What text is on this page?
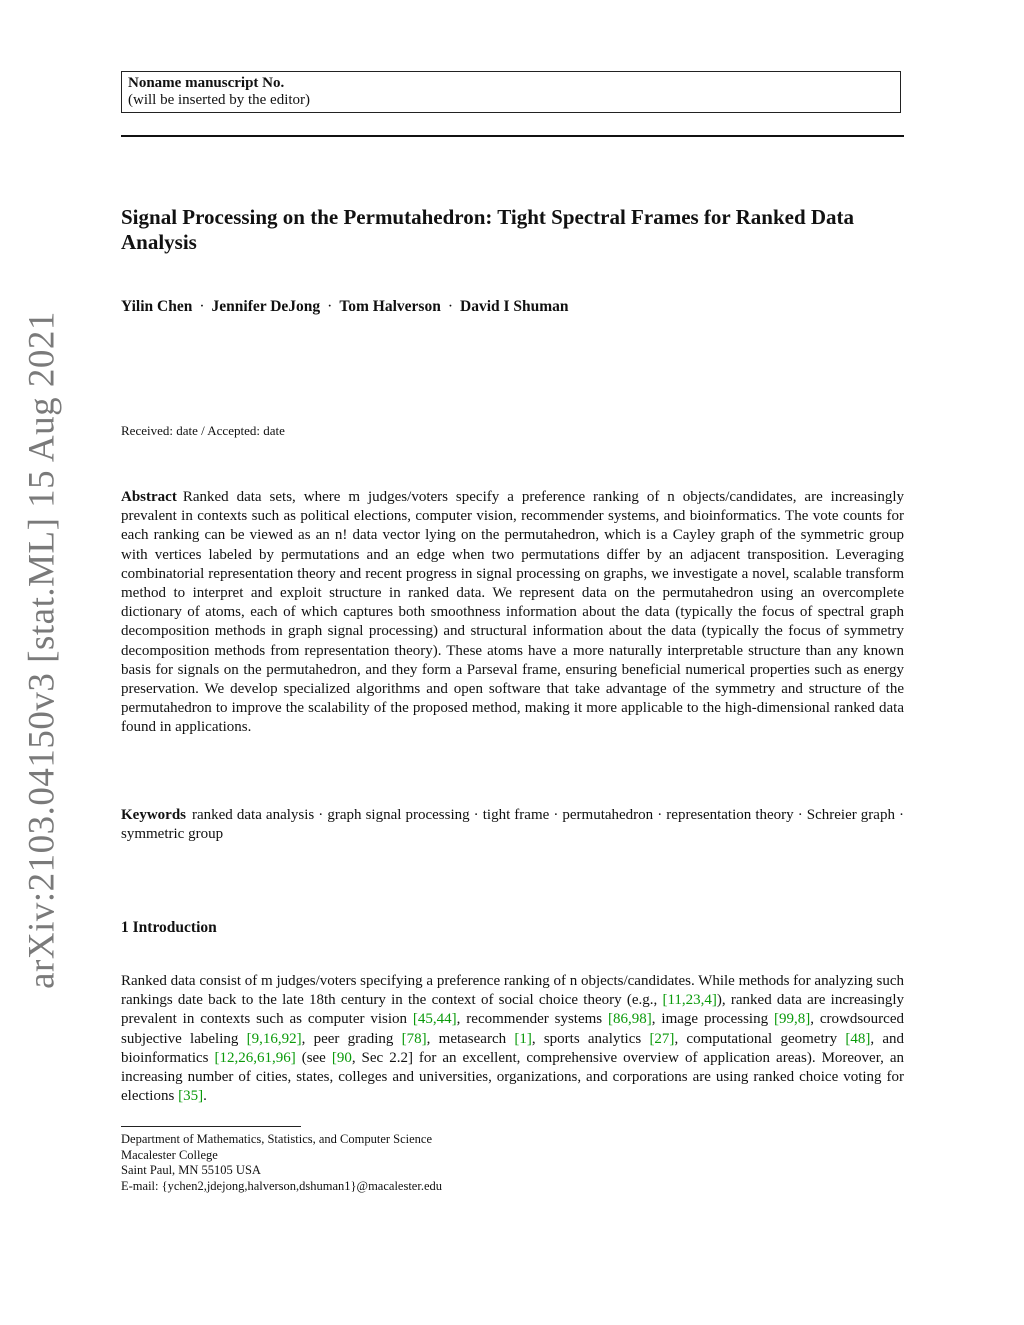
arXiv:2103.04150v3 [stat.ML] 15 Aug 2021
Noname manuscript No.
(will be inserted by the editor)
Signal Processing on the Permutahedron: Tight Spectral Frames for Ranked Data Analysis
Yilin Chen · Jennifer DeJong · Tom Halverson · David I Shuman
Received: date / Accepted: date
Abstract Ranked data sets, where m judges/voters specify a preference ranking of n objects/candidates, are increasingly prevalent in contexts such as political elections, computer vision, recommender systems, and bioinformatics. The vote counts for each ranking can be viewed as an n! data vector lying on the permutahedron, which is a Cayley graph of the symmetric group with vertices labeled by permutations and an edge when two permutations differ by an adjacent transposition. Leveraging combinatorial representation theory and recent progress in signal processing on graphs, we investigate a novel, scalable transform method to interpret and exploit structure in ranked data. We represent data on the permutahedron using an overcomplete dictionary of atoms, each of which captures both smoothness information about the data (typically the focus of spectral graph decomposition methods in graph signal processing) and structural information about the data (typically the focus of symmetry decomposition methods from representation theory). These atoms have a more naturally interpretable structure than any known basis for signals on the permutahedron, and they form a Parseval frame, ensuring beneficial numerical properties such as energy preservation. We develop specialized algorithms and open software that take advantage of the symmetry and structure of the permutahedron to improve the scalability of the proposed method, making it more applicable to the high-dimensional ranked data found in applications.
Keywords ranked data analysis · graph signal processing · tight frame · permutahedron · representation theory · Schreier graph · symmetric group
1 Introduction
Ranked data consist of m judges/voters specifying a preference ranking of n objects/candidates. While methods for analyzing such rankings date back to the late 18th century in the context of social choice theory (e.g., [11,23,4]), ranked data are increasingly prevalent in contexts such as computer vision [45,44], recommender systems [86,98], image processing [99,8], crowdsourced subjective labeling [9,16,92], peer grading [78], metasearch [1], sports analytics [27], computational geometry [48], and bioinformatics [12,26,61,96] (see [90, Sec 2.2] for an excellent, comprehensive overview of application areas). Moreover, an increasing number of cities, states, colleges and universities, organizations, and corporations are using ranked choice voting for elections [35].
Department of Mathematics, Statistics, and Computer Science
Macalester College
Saint Paul, MN 55105 USA
E-mail: {ychen2,jdejong,halverson,dshuman1}@macalester.edu
